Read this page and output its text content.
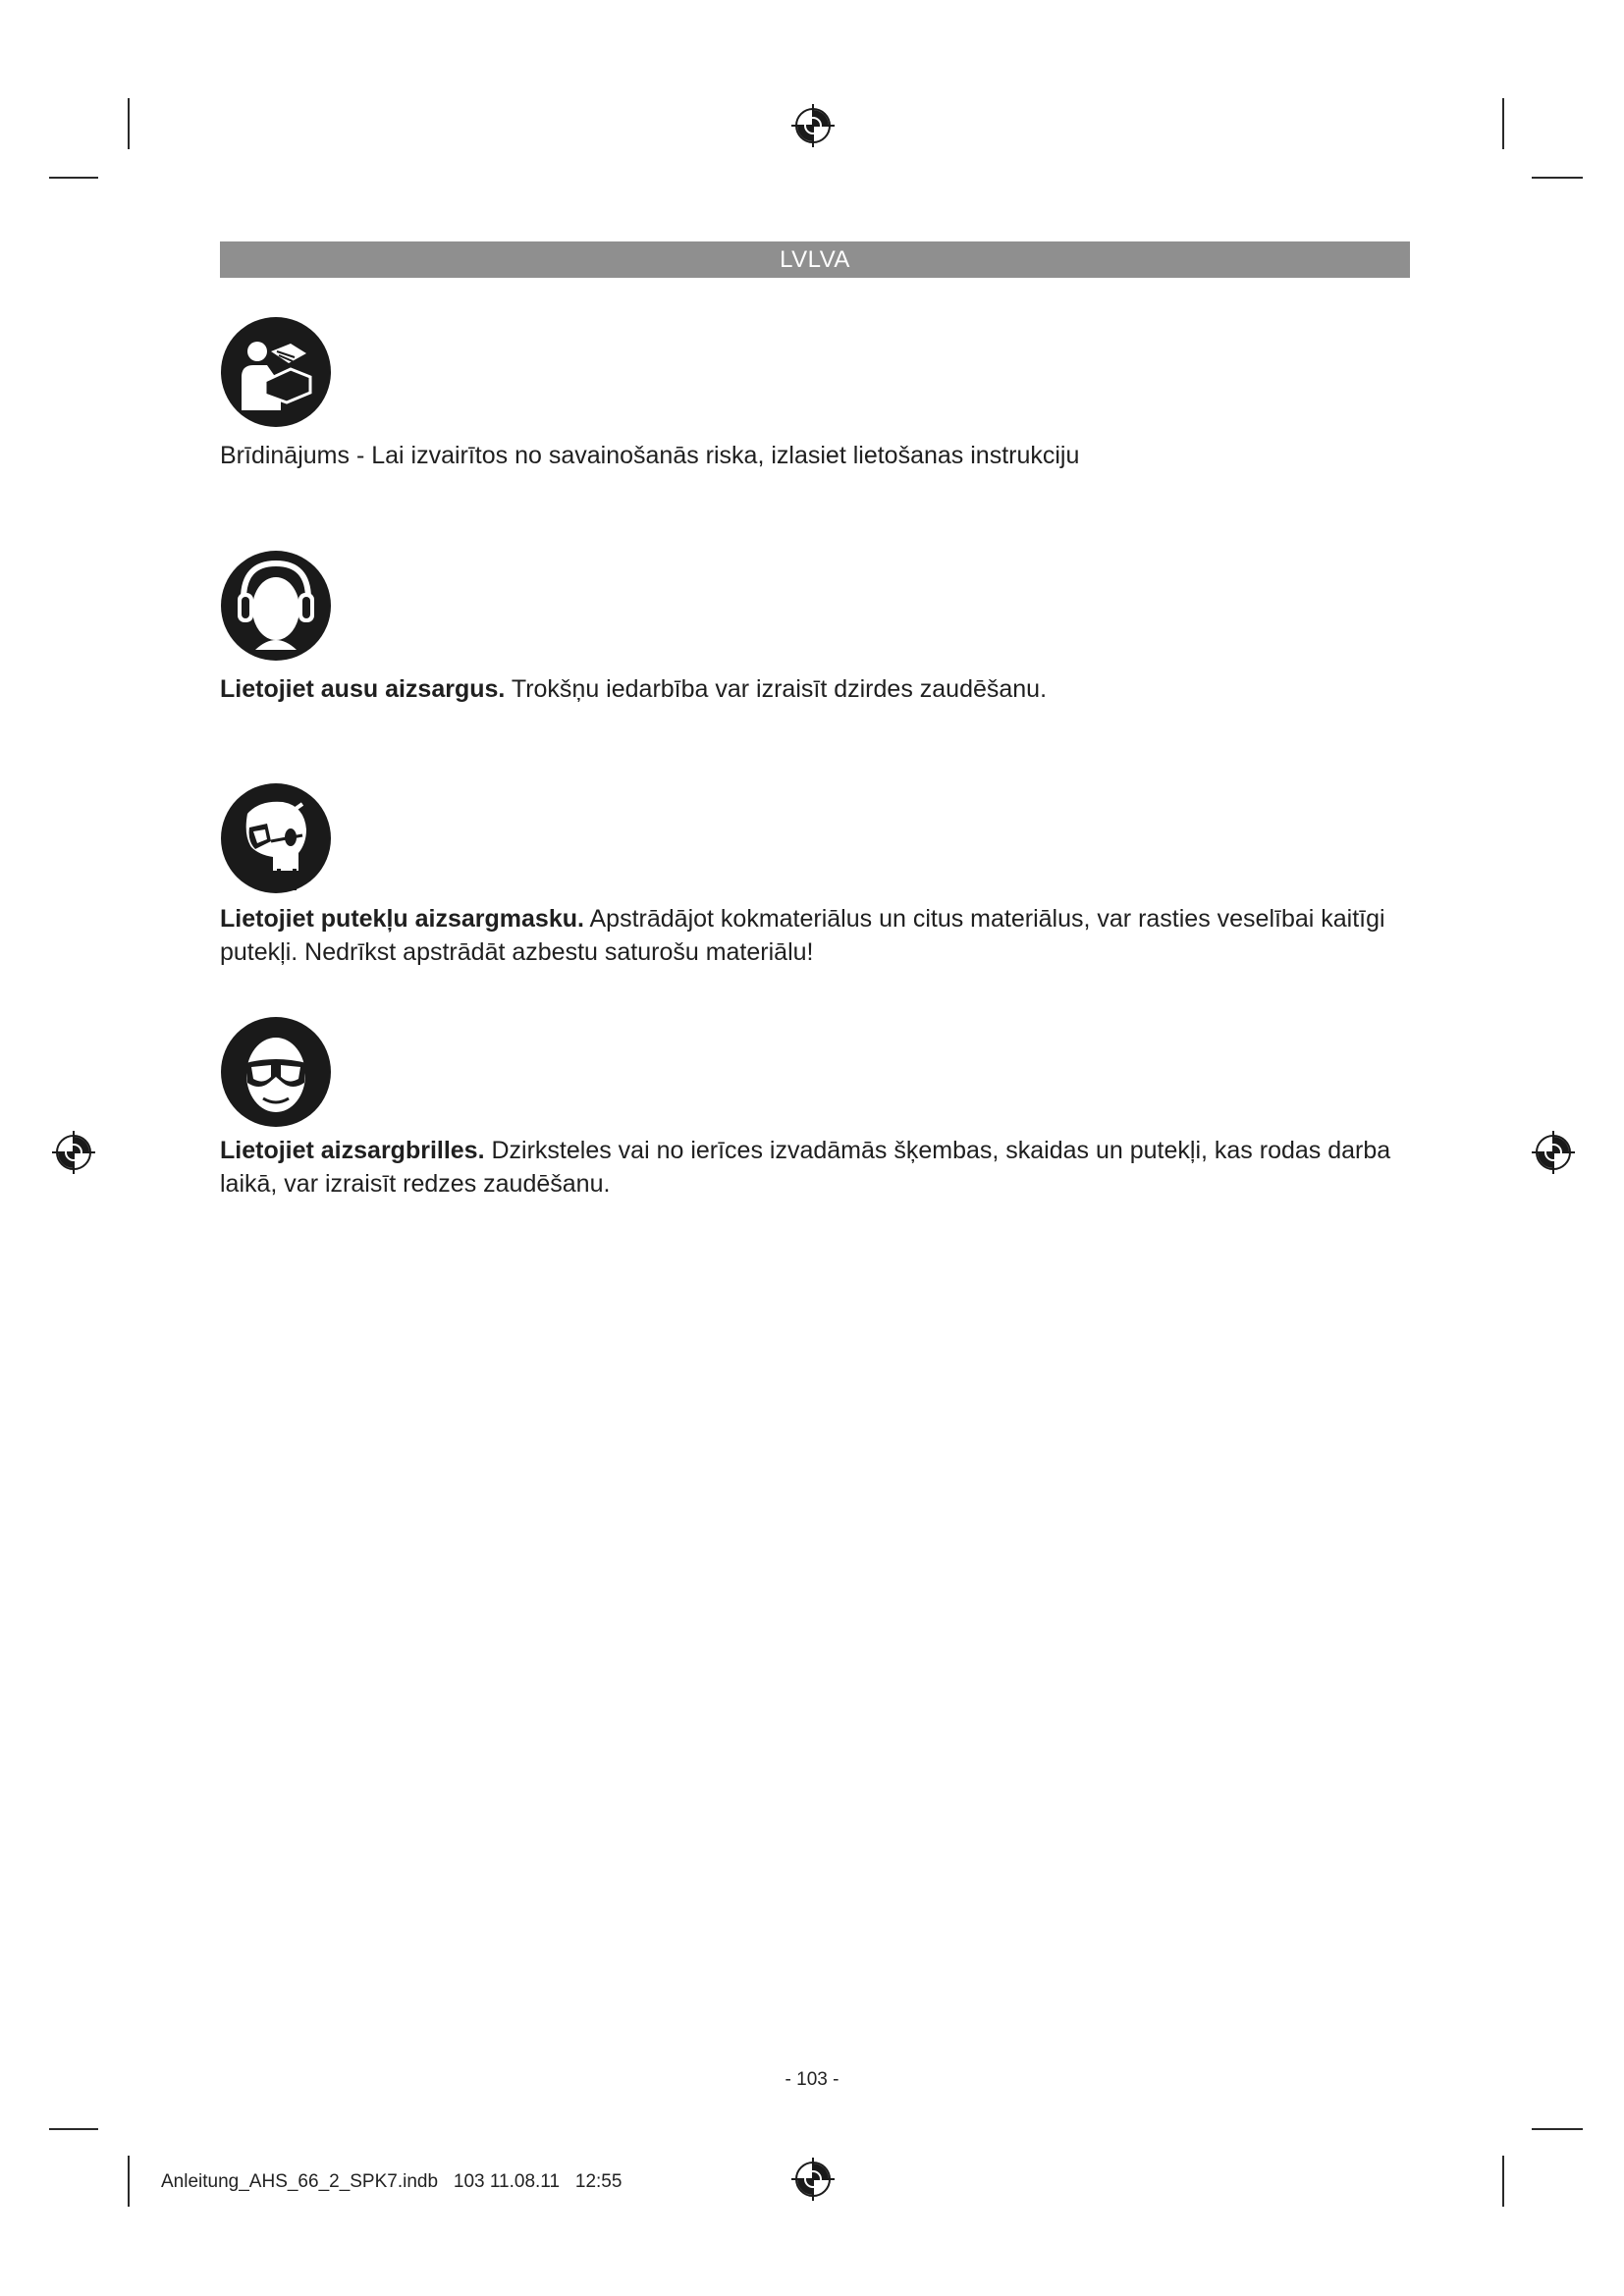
LVLVA

Brīdinājums - Lai izvairītos no savainošanās riska, izlasiet lietošanas instrukciju

Lietojiet ausu aizsargus. Trokšņu iedarbība var izraisīt dzirdes zaudēšanu.

Lietojiet putekļu aizsargmasku. Apstrādājot kokmateriālus un citus materiālus, var rasties veselībai kaitīgi putekļi. Nedrīkst apstrādāt azbestu saturošu materiālu!

Lietojiet aizsargbrilles. Dzirksteles vai no ierīces izvadāmās šķembas, skaidas un putekļi, kas rodas darba laikā, var izraisīt redzes zaudēšanu.

- 103 -
Anleitung_AHS_66_2_SPK7.indb 103 11.08.11 12:55
